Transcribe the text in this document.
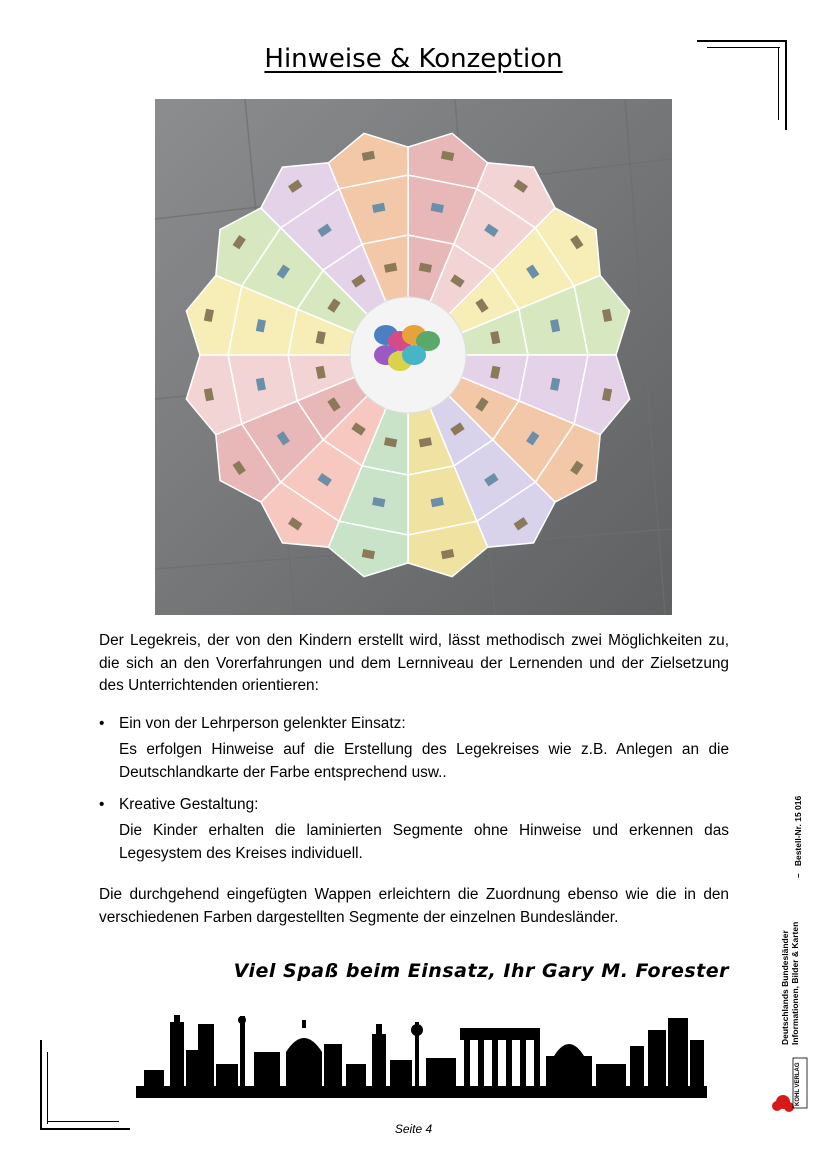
Hinweise & Konzeption
Der Legekreis, der von den Kindern erstellt wird, lässt methodisch zwei Möglichkeiten zu, die sich an den Vorerfahrungen und dem Lernniveau der Lernenden und der Zielsetzung des Unterrichtenden orientieren:
• Ein von der Lehrperson gelenkter Einsatz:
Es erfolgen Hinweise auf die Erstellung des Legekreises wie z.B. Anlegen an die Deutschlandkarte der Farbe entsprechend usw..
• Kreative Gestaltung:
Die Kinder erhalten die laminierten Segmente ohne Hinweise und erkennen das Legesystem des Kreises individuell.
Die durchgehend eingefügten Wappen erleichtern die Zuordnung ebenso wie die in den verschiedenen Farben dargestellten Segmente der einzelnen Bundesländer.
Viel Spaß beim Einsatz, Ihr Gary M. Forester
Seite 4
Deutschlands Bundesländer Informationen, Bilder & Karten
–   Bestell-Nr. 15 016
KOHL VERLAG
